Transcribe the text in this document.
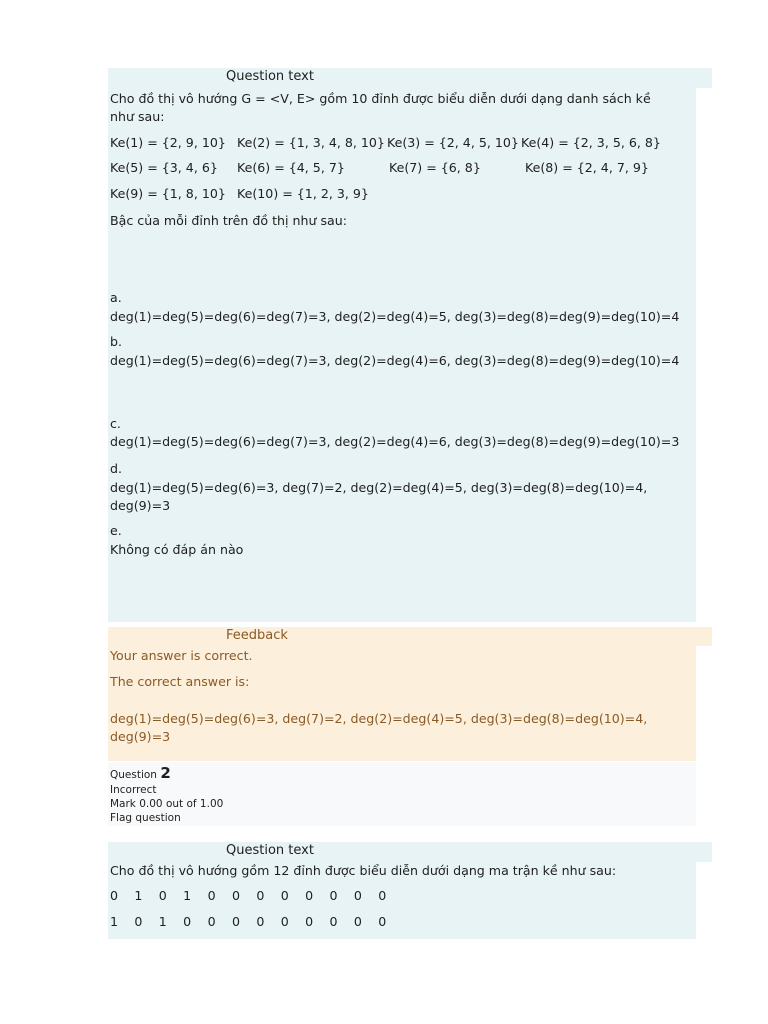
Question text
Cho đồ thị vô hướng G = <V, E> gồm 10 đỉnh được biểu diễn dưới dạng danh sách kề
như sau:
Ke(1) = {2, 9, 10} Ke(2) = {1, 3, 4, 8, 10} Ke(3) = {2, 4, 5, 10} Ke(4) = {2, 3, 5, 6, 8}
Ke(5) = {3, 4, 6} Ke(6) = {4, 5, 7}	Ke(7) = {6, 8}	Ke(8) = {2, 4, 7, 9}
Ke(9) = {1, 8, 10} Ke(10) = {1, 2, 3, 9}
Bậc của mỗi đỉnh trên đồ thị như sau:
a.
deg(1)=deg(5)=deg(6)=deg(7)=3, deg(2)=deg(4)=5, deg(3)=deg(8)=deg(9)=deg(10)=4
b.
deg(1)=deg(5)=deg(6)=deg(7)=3, deg(2)=deg(4)=6, deg(3)=deg(8)=deg(9)=deg(10)=4
c.
deg(1)=deg(5)=deg(6)=deg(7)=3, deg(2)=deg(4)=6, deg(3)=deg(8)=deg(9)=deg(10)=3
d.
deg(1)=deg(5)=deg(6)=3, deg(7)=2, deg(2)=deg(4)=5, deg(3)=deg(8)=deg(10)=4,
deg(9)=3
e.
Không có đáp án nào
Feedback
Your answer is correct.
The correct answer is:
deg(1)=deg(5)=deg(6)=3, deg(7)=2, deg(2)=deg(4)=5, deg(3)=deg(8)=deg(10)=4,
deg(9)=3
Question 2
Incorrect
Mark 0.00 out of 1.00
Flag question
Question text
Cho đồ thị vô hướng gồm 12 đỉnh được biểu diễn dưới dạng ma trận kề như sau:
0 1 0 1 0 0 0 0 0 0 0 0
1 0 1 0 0 0 0 0 0 0 0 0
